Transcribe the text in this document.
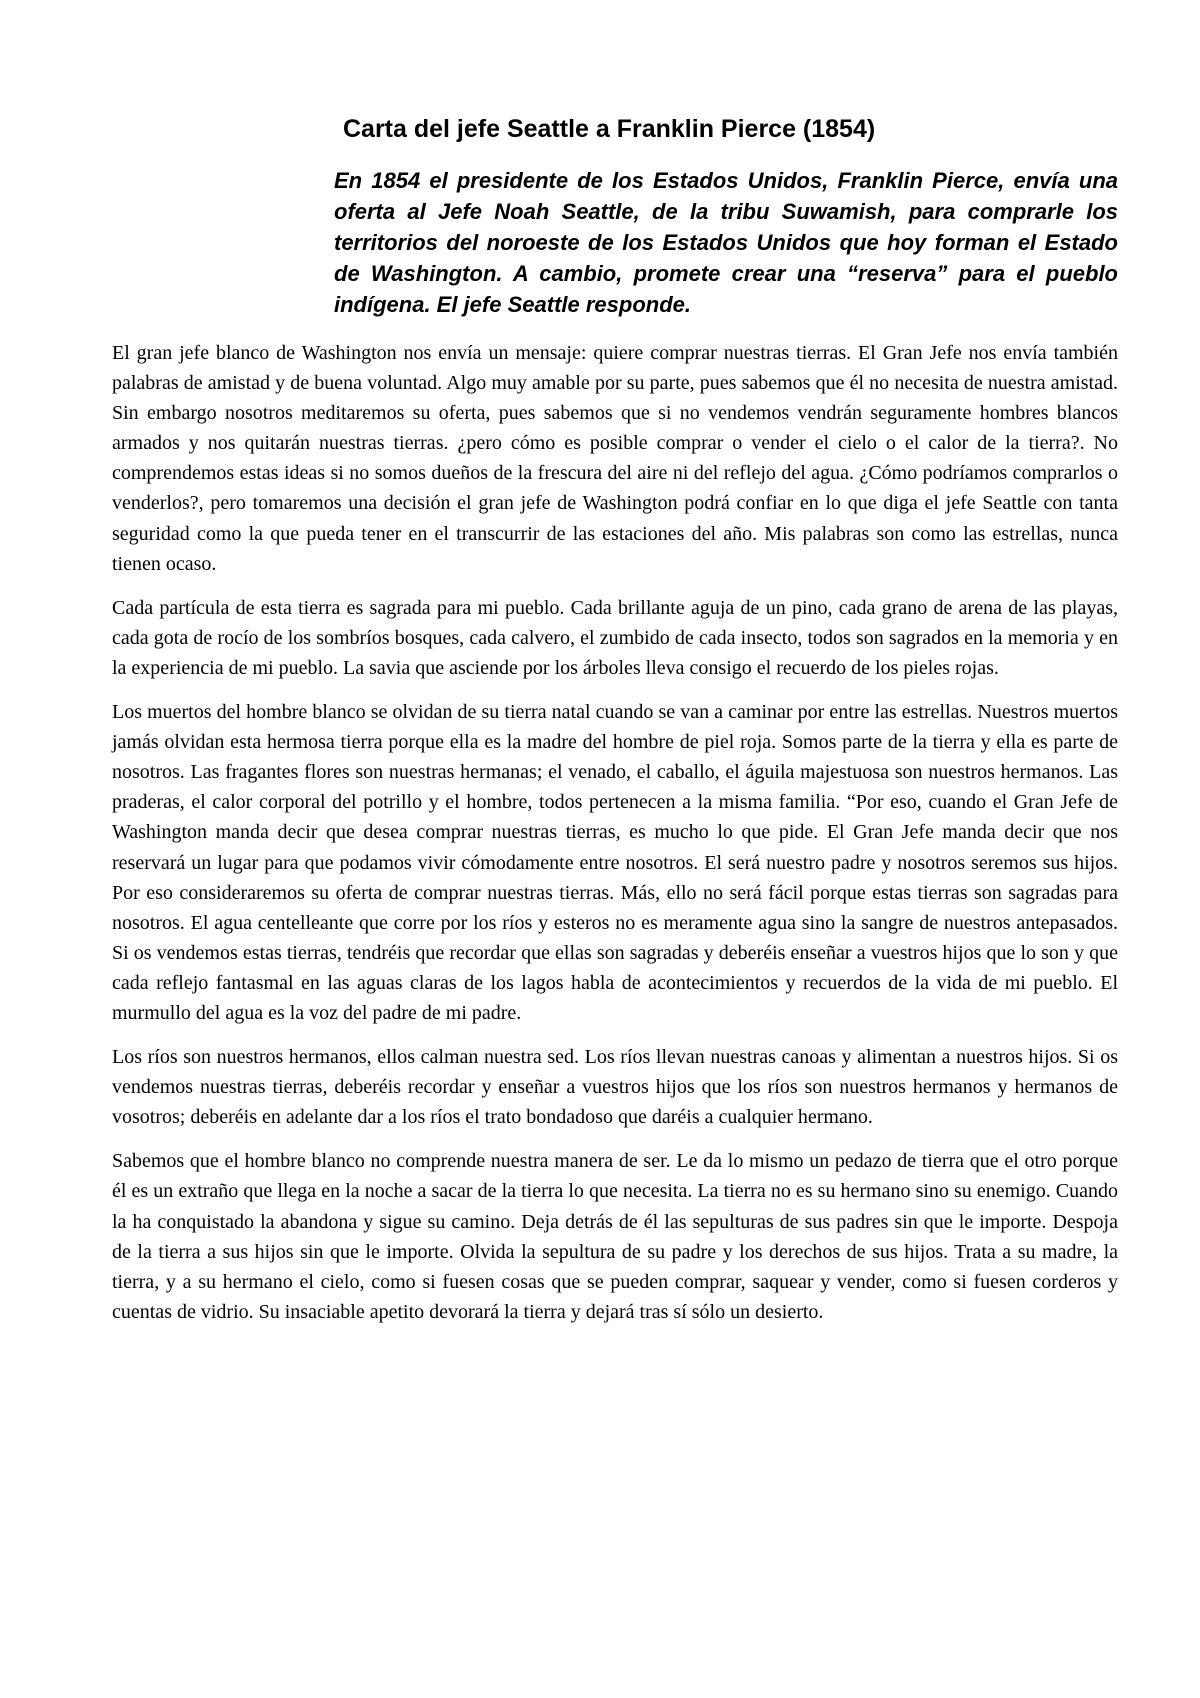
Carta del jefe Seattle a Franklin Pierce (1854)

En 1854 el presidente de los Estados Unidos, Franklin Pierce, envía una oferta al Jefe Noah Seattle, de la tribu Suwamish, para comprarle los territorios del noroeste de los Estados Unidos que hoy forman el Estado de Washington. A cambio, promete crear una “reserva” para el pueblo indígena. El jefe Seattle responde.

El gran jefe blanco de Washington nos envía un mensaje: quiere comprar nuestras tierras. El Gran Jefe nos envía también palabras de amistad y de buena voluntad. Algo muy amable por su parte, pues sabemos que él no necesita de nuestra amistad. Sin embargo nosotros meditaremos su oferta, pues sabemos que si no vendemos vendrán seguramente hombres blancos armados y nos quitarán nuestras tierras. ¿pero cómo es posible comprar o vender el cielo o el calor de la tierra?. No comprendemos estas ideas si no somos dueños de la frescura del aire ni del reflejo del agua. ¿Cómo podríamos comprarlos o venderlos?, pero tomaremos una decisión el gran jefe de Washington podrá confiar en lo que diga el jefe Seattle con tanta seguridad como la que pueda tener en el transcurrir de las estaciones del año. Mis palabras son como las estrellas, nunca tienen ocaso.

Cada partícula de esta tierra es sagrada para mi pueblo. Cada brillante aguja de un pino, cada grano de arena de las playas, cada gota de rocío de los sombríos bosques, cada calvero, el zumbido de cada insecto, todos son sagrados en la memoria y en la experiencia de mi pueblo. La savia que asciende por los árboles lleva consigo el recuerdo de los pieles rojas.

Los muertos del hombre blanco se olvidan de su tierra natal cuando se van a caminar por entre las estrellas. Nuestros muertos jamás olvidan esta hermosa tierra porque ella es la madre del hombre de piel roja. Somos parte de la tierra y ella es parte de nosotros. Las fragantes flores son nuestras hermanas; el venado, el caballo, el águila majestuosa son nuestros hermanos. Las praderas, el calor corporal del potrillo y el hombre, todos pertenecen a la misma familia. “Por eso, cuando el Gran Jefe de Washington manda decir que desea comprar nuestras tierras, es mucho lo que pide. El Gran Jefe manda decir que nos reservará un lugar para que podamos vivir cómodamente entre nosotros. El será nuestro padre y nosotros seremos sus hijos. Por eso consideraremos su oferta de comprar nuestras tierras. Más, ello no será fácil porque estas tierras son sagradas para nosotros. El agua centelleante que corre por los ríos y esteros no es meramente agua sino la sangre de nuestros antepasados. Si os vendemos estas tierras, tendréis que recordar que ellas son sagradas y deberéis enseñar a vuestros hijos que lo son y que cada reflejo fantasmal en las aguas claras de los lagos habla de acontecimientos y recuerdos de la vida de mi pueblo. El murmullo del agua es la voz del padre de mi padre.

Los ríos son nuestros hermanos, ellos calman nuestra sed. Los ríos llevan nuestras canoas y alimentan a nuestros hijos. Si os vendemos nuestras tierras, deberéis recordar y enseñar a vuestros hijos que los ríos son nuestros hermanos y hermanos de vosotros; deberéis en adelante dar a los ríos el trato bondadoso que daréis a cualquier hermano.

Sabemos que el hombre blanco no comprende nuestra manera de ser. Le da lo mismo un pedazo de tierra que el otro porque él es un extraño que llega en la noche a sacar de la tierra lo que necesita. La tierra no es su hermano sino su enemigo. Cuando la ha conquistado la abandona y sigue su camino. Deja detrás de él las sepulturas de sus padres sin que le importe. Despoja de la tierra a sus hijos sin que le importe. Olvida la sepultura de su padre y los derechos de sus hijos. Trata a su madre, la tierra, y a su hermano el cielo, como si fuesen cosas que se pueden comprar, saquear y vender, como si fuesen corderos y cuentas de vidrio. Su insaciable apetito devorará la tierra y dejará tras sí sólo un desierto.
